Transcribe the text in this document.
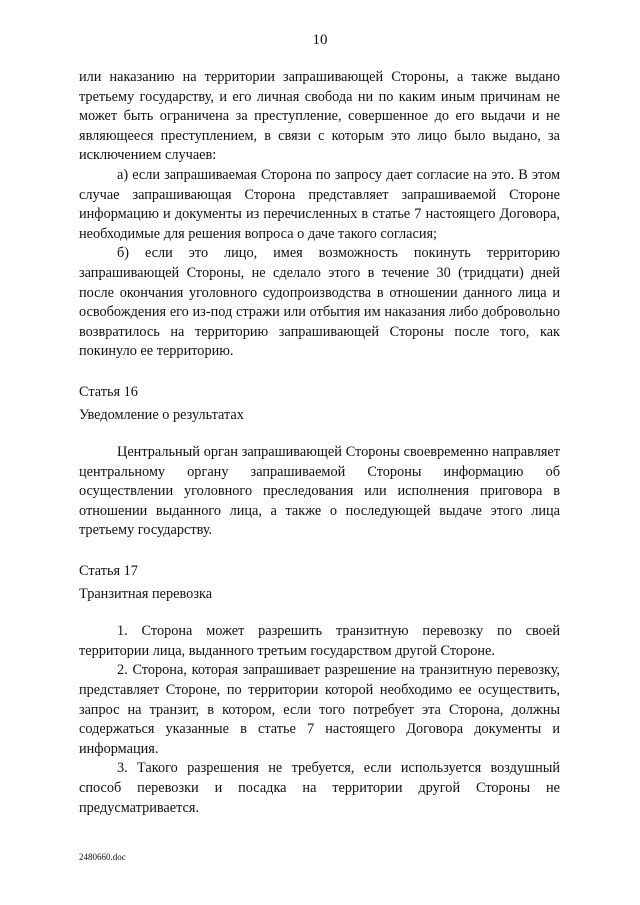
10

или наказанию на территории запрашивающей Стороны, а также выдано третьему государству, и его личная свобода ни по каким иным причинам не может быть ограничена за преступление, совершенное до его выдачи и не являющееся преступлением, в связи с которым это лицо было выдано, за исключением случаев:

а) если запрашиваемая Сторона по запросу дает согласие на это. В этом случае запрашивающая Сторона представляет запрашиваемой Стороне информацию и документы из перечисленных в статье 7 настоящего Договора, необходимые для решения вопроса о даче такого согласия;

б) если это лицо, имея возможность покинуть территорию запрашивающей Стороны, не сделало этого в течение 30 (тридцати) дней после окончания уголовного судопроизводства в отношении данного лица и освобождения его из-под стражи или отбытия им наказания либо добровольно возвратилось на территорию запрашивающей Стороны после того, как покинуло ее территорию.

Статья 16

Уведомление о результатах

Центральный орган запрашивающей Стороны своевременно направляет центральному органу запрашиваемой Стороны информацию об осуществлении уголовного преследования или исполнения приговора в отношении выданного лица, а также о последующей выдаче этого лица третьему государству.

Статья 17

Транзитная перевозка

1. Сторона может разрешить транзитную перевозку по своей территории лица, выданного третьим государством другой Стороне.

2. Сторона, которая запрашивает разрешение на транзитную перевозку, представляет Стороне, по территории которой необходимо ее осуществить, запрос на транзит, в котором, если того потребует эта Сторона, должны содержаться указанные в статье 7 настоящего Договора документы и информация.

3. Такого разрешения не требуется, если используется воздушный способ перевозки и посадка на территории другой Стороны не предусматривается.

2480660.doc
